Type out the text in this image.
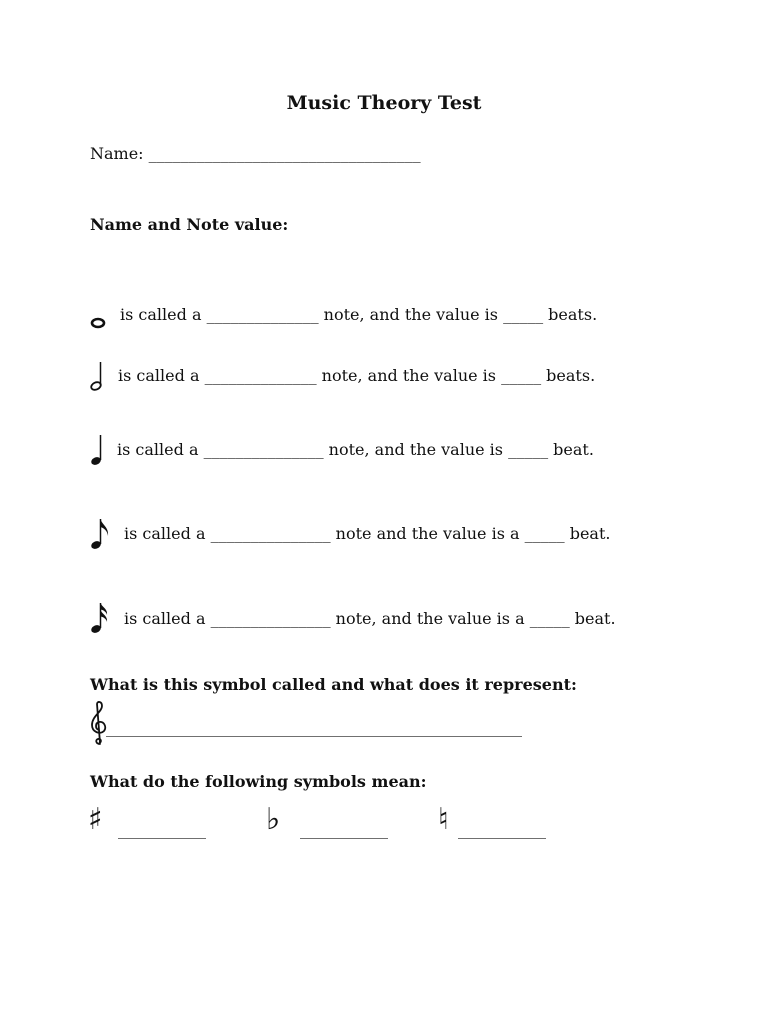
Music Theory Test
Name: __________________________________
Name and Note value:
is called a ______________ note, and the value is _____ beats.
is called a ______________ note, and the value is _____ beats.
is called a _______________ note, and the value is _____ beat.
is called a _______________ note and the value is a _____ beat.
is called a _______________ note, and the value is a _____ beat.
What is this symbol called and what does it represent:
____________________________________________________
What do the following symbols mean:
♯ ___________ ♭ ___________ ♮ ___________
